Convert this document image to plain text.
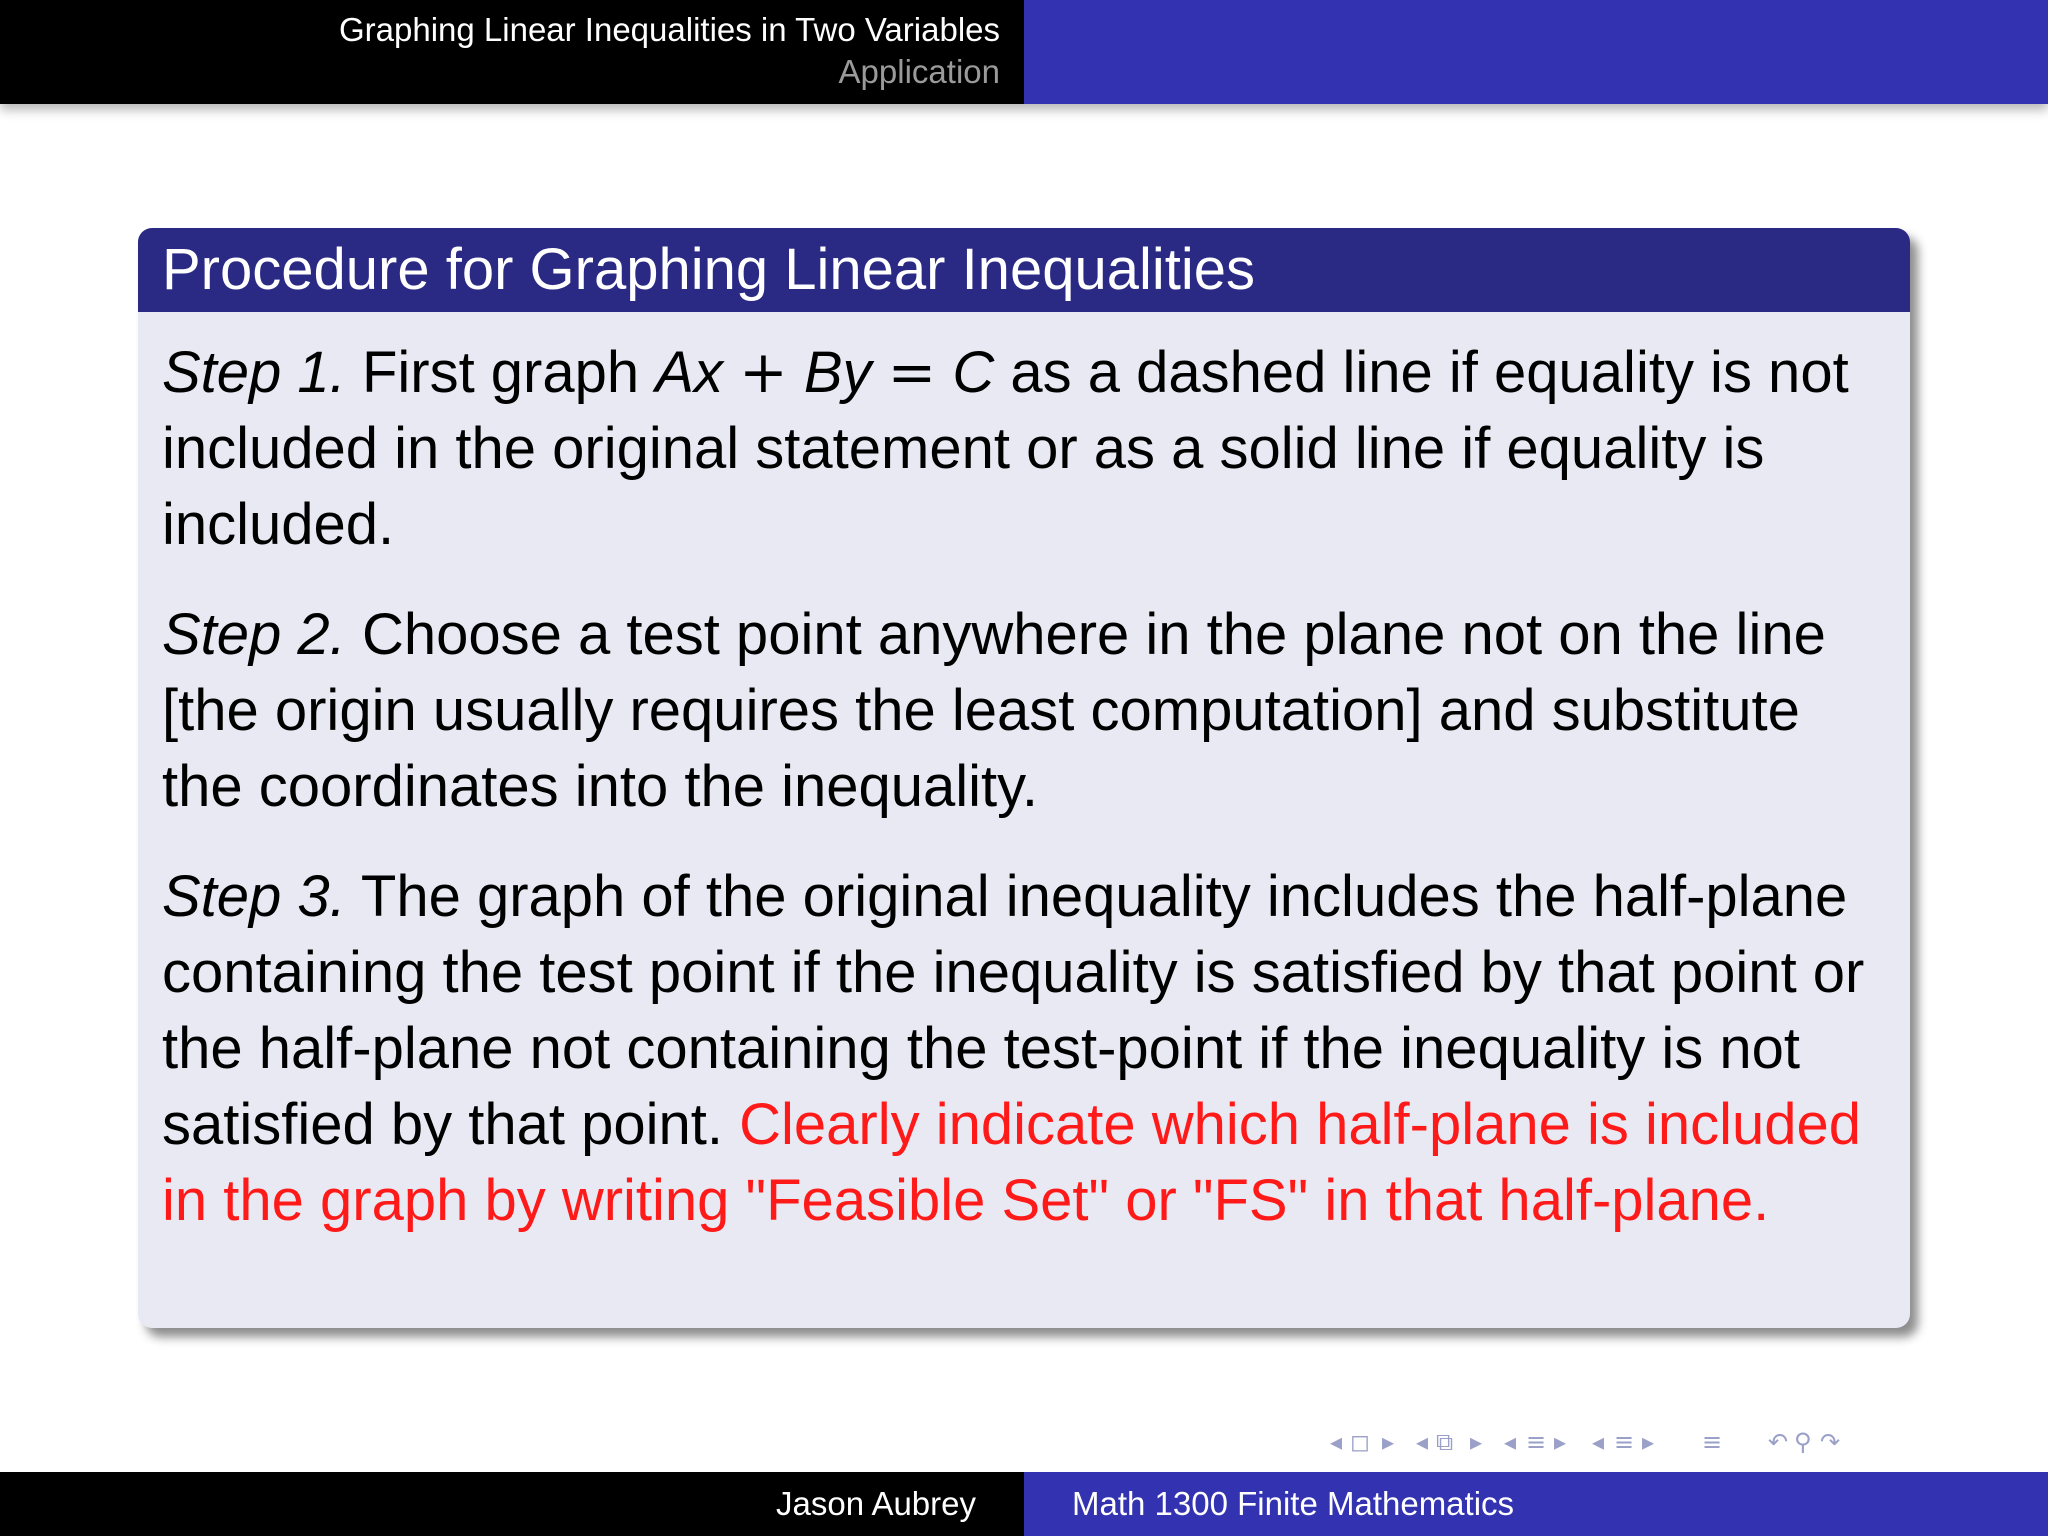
Graphing Linear Inequalities in Two Variables
Application
Procedure for Graphing Linear Inequalities

Step 1. First graph Ax + By = C as a dashed line if equality is not included in the original statement or as a solid line if equality is included.

Step 2. Choose a test point anywhere in the plane not on the line [the origin usually requires the least computation] and substitute the coordinates into the inequality.

Step 3. The graph of the original inequality includes the half-plane containing the test point if the inequality is satisfied by that point or the half-plane not containing the test-point if the inequality is not satisfied by that point. Clearly indicate which half-plane is included in the graph by writing "Feasible Set" or "FS" in that half-plane.

◂ ◻ ▸ ◂ ⧉ ▸ ◂ ≡ ▸ ◂ ≡ ▸ ≡ ↶ ⚲ ↷
Jason Aubrey	Math 1300 Finite Mathematics
